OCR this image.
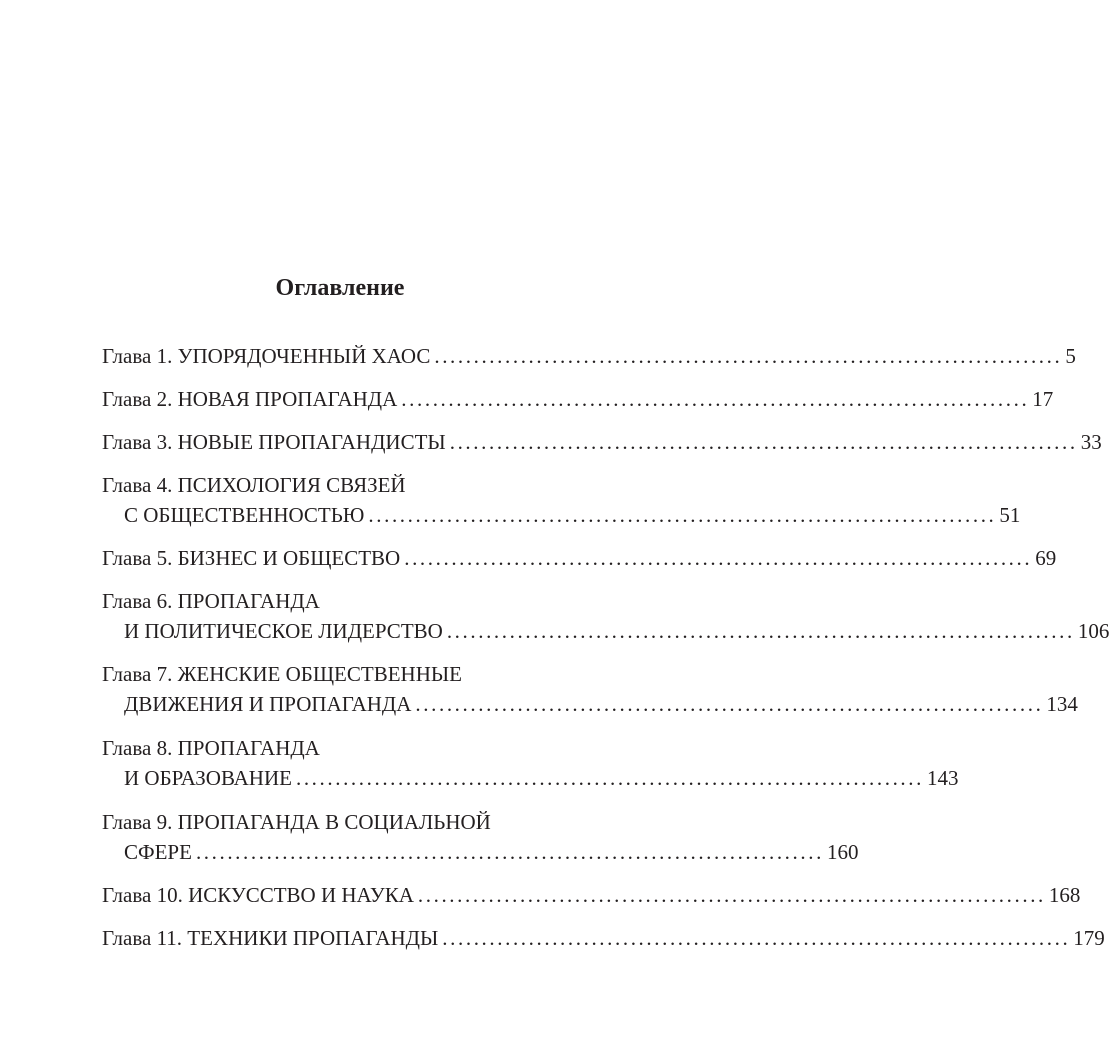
Оглавление
Глава 1. УПОРЯДОЧЕННЫЙ ХАОС ................................................................................ 5
Глава 2. НОВАЯ ПРОПАГАНДА ................................................................................ 17
Глава 3. НОВЫЕ ПРОПАГАНДИСТЫ ................................................................................ 33
Глава 4. ПСИХОЛОГИЯ СВЯЗЕЙ
С ОБЩЕСТВЕННОСТЬЮ ................................................................................ 51
Глава 5. БИЗНЕС И ОБЩЕСТВО ................................................................................ 69
Глава 6. ПРОПАГАНДА
И ПОЛИТИЧЕСКОЕ ЛИДЕРСТВО ................................................................................ 106
Глава 7. ЖЕНСКИЕ ОБЩЕСТВЕННЫЕ
ДВИЖЕНИЯ И ПРОПАГАНДА ................................................................................ 134
Глава 8. ПРОПАГАНДА
И ОБРАЗОВАНИЕ ................................................................................ 143
Глава 9. ПРОПАГАНДА В СОЦИАЛЬНОЙ
СФЕРЕ ................................................................................ 160
Глава 10. ИСКУССТВО И НАУКА ................................................................................ 168
Глава 11. ТЕХНИКИ ПРОПАГАНДЫ ................................................................................ 179
